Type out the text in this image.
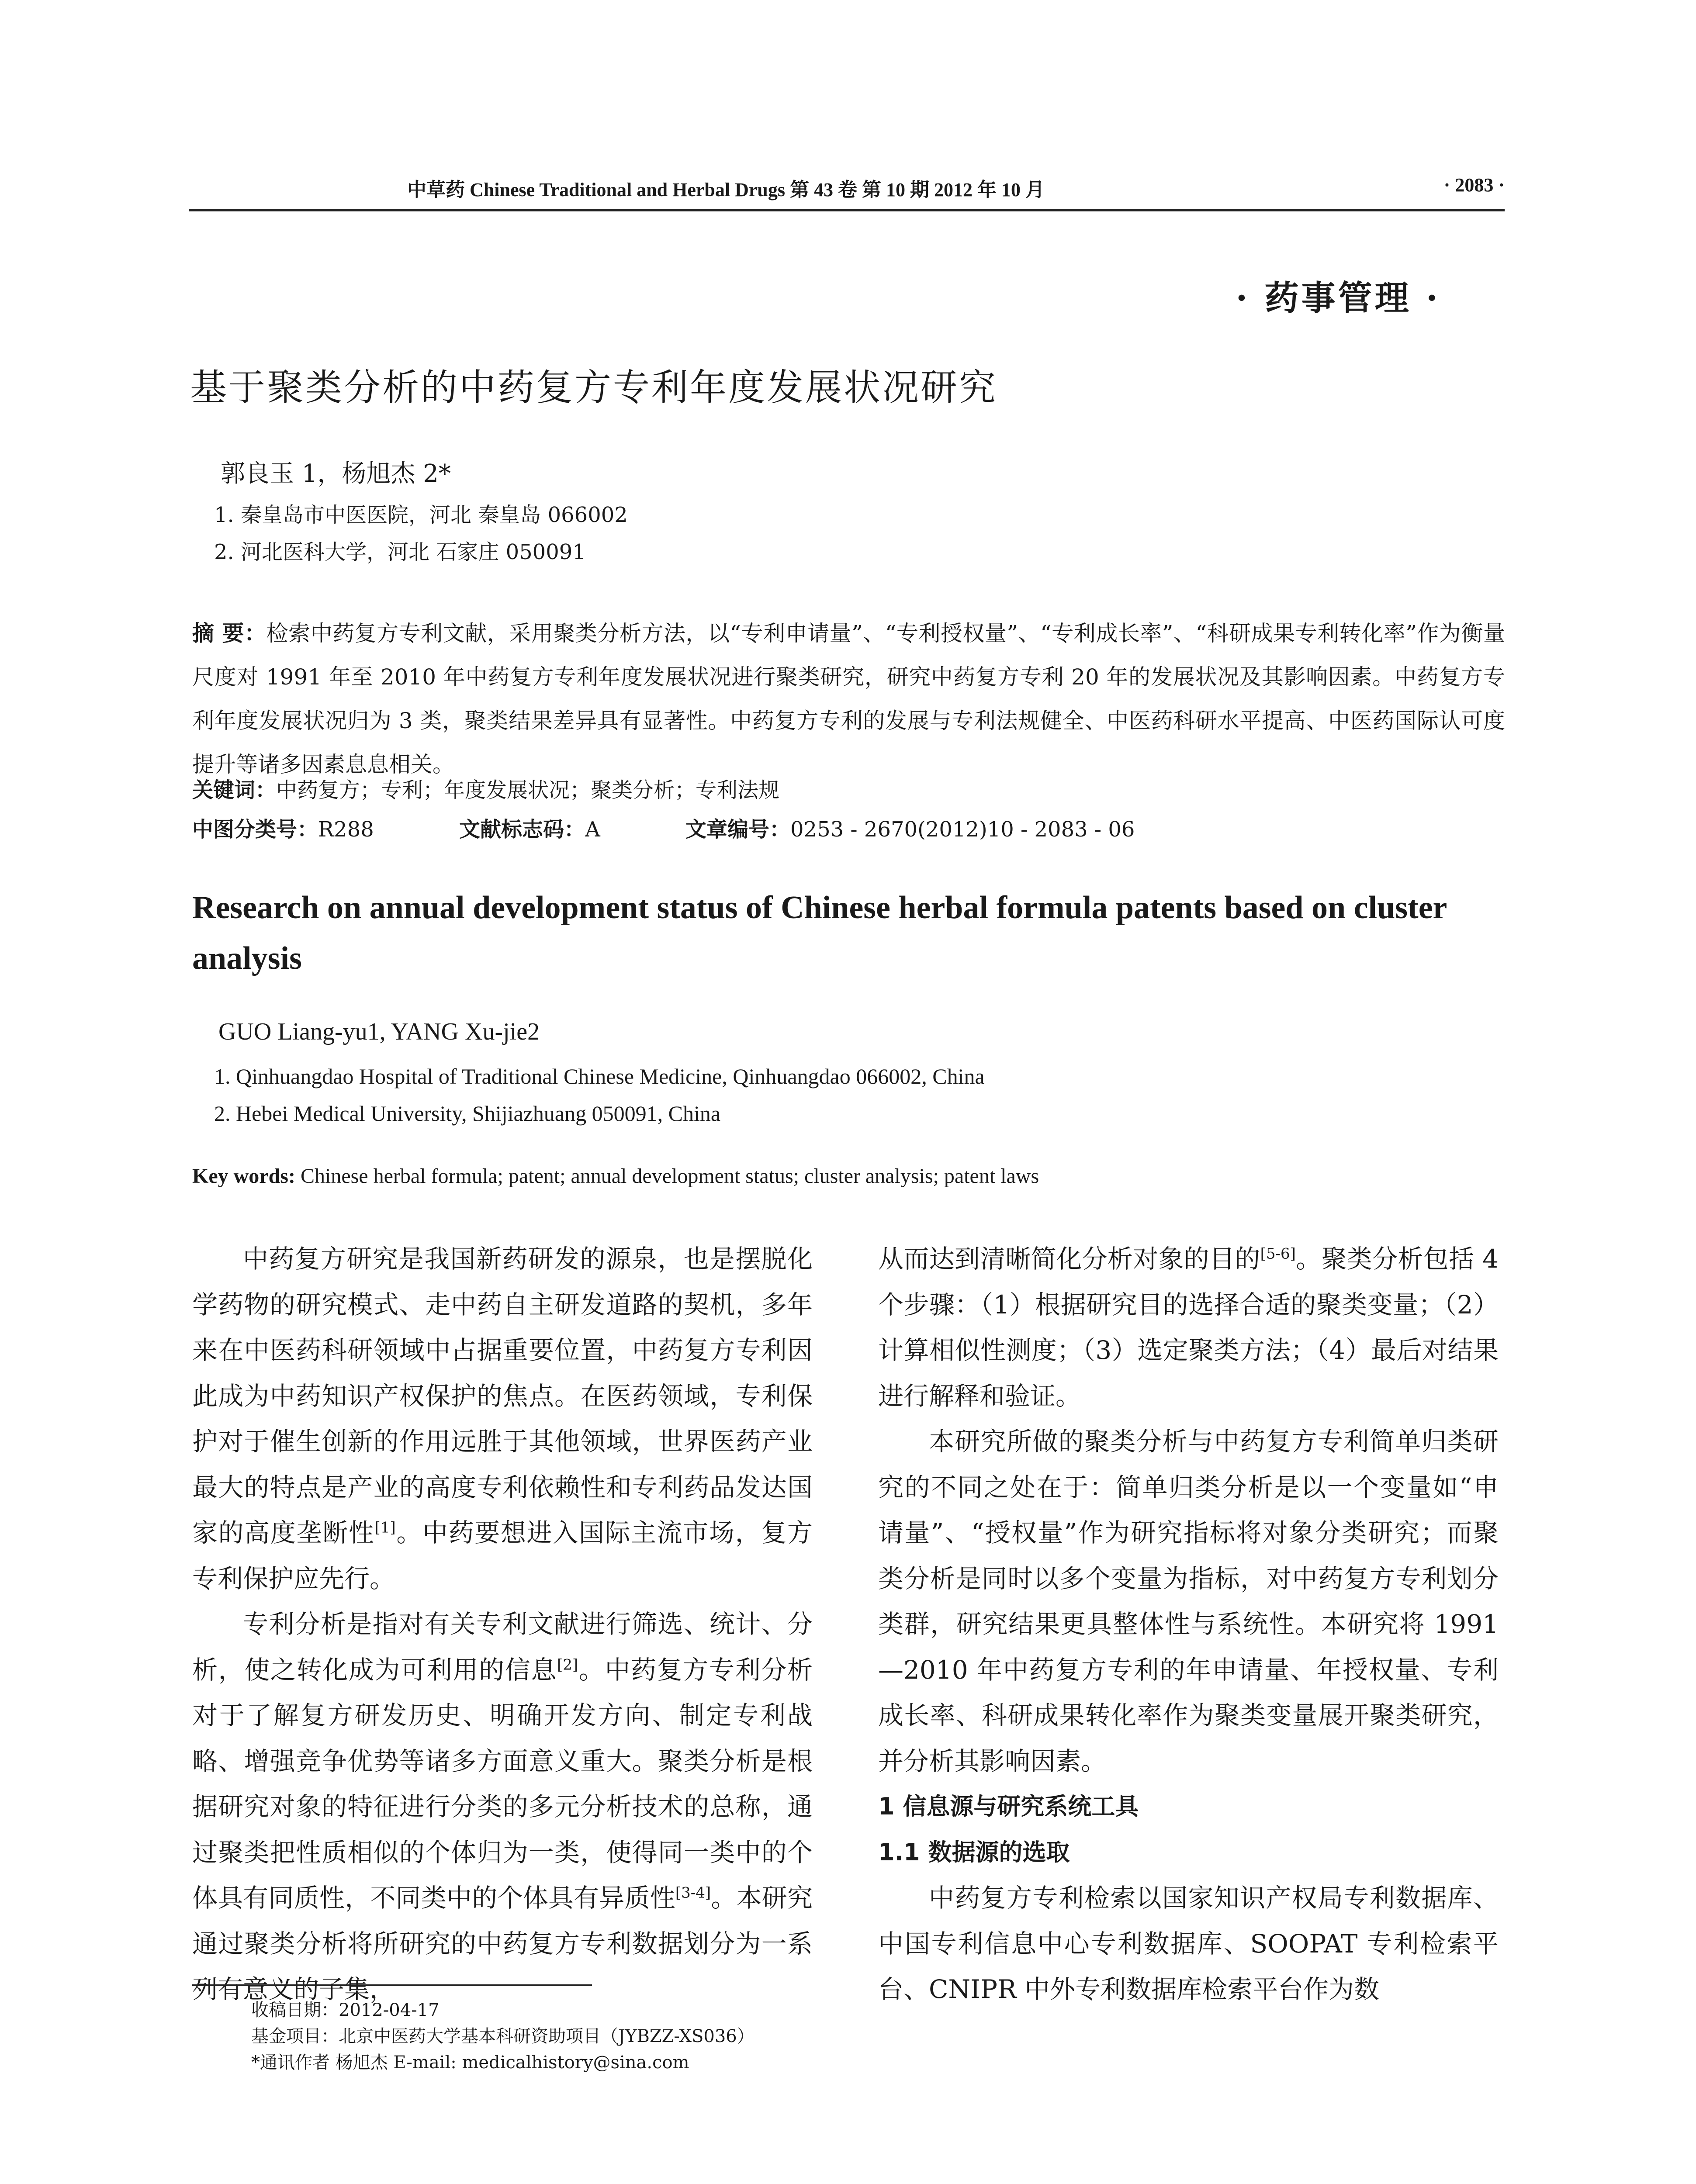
中草药 Chinese Traditional and Herbal Drugs 第 43 卷 第 10 期 2012 年 10 月	· 2083 ·
· 药事管理 ·
基于聚类分析的中药复方专利年度发展状况研究
郭良玉 1，杨旭杰 2*
1. 秦皇岛市中医医院，河北 秦皇岛 066002
2. 河北医科大学，河北 石家庄 050091
摘 要：检索中药复方专利文献，采用聚类分析方法，以“专利申请量”、“专利授权量”、“专利成长率”、“科研成果专利转化率”作为衡量尺度对 1991 年至 2010 年中药复方专利年度发展状况进行聚类研究，研究中药复方专利 20 年的发展状况及其影响因素。中药复方专利年度发展状况归为 3 类，聚类结果差异具有显著性。中药复方专利的发展与专利法规健全、中医药科研水平提高、中医药国际认可度提升等诸多因素息息相关。
关键词：中药复方；专利；年度发展状况；聚类分析；专利法规
中图分类号：R288	文献标志码：A	文章编号：0253 - 2670(2012)10 - 2083 - 06
Research on annual development status of Chinese herbal formula patents based on cluster analysis
GUO Liang-yu1, YANG Xu-jie2
1. Qinhuangdao Hospital of Traditional Chinese Medicine, Qinhuangdao 066002, China
2. Hebei Medical University, Shijiazhuang 050091, China
Key words: Chinese herbal formula; patent; annual development status; cluster analysis; patent laws

中药复方研究是我国新药研发的源泉，也是摆脱化学药物的研究模式、走中药自主研发道路的契机，多年来在中医药科研领域中占据重要位置，中药复方专利因此成为中药知识产权保护的焦点。在医药领域，专利保护对于催生创新的作用远胜于其他领域，世界医药产业最大的特点是产业的高度专利依赖性和专利药品发达国家的高度垄断性[1]。中药要想进入国际主流市场，复方专利保护应先行。

专利分析是指对有关专利文献进行筛选、统计、分析，使之转化成为可利用的信息[2]。中药复方专利分析对于了解复方研发历史、明确开发方向、制定专利战略、增强竞争优势等诸多方面意义重大。聚类分析是根据研究对象的特征进行分类的多元分析技术的总称，通过聚类把性质相似的个体归为一类，使得同一类中的个体具有同质性，不同类中的个体具有异质性[3-4]。本研究通过聚类分析将所研究的中药复方专利数据划分为一系列有意义的子集，

从而达到清晰简化分析对象的目的[5-6]。聚类分析包括 4 个步骤：（1）根据研究目的选择合适的聚类变量；（2）计算相似性测度；（3）选定聚类方法；（4）最后对结果进行解释和验证。

本研究所做的聚类分析与中药复方专利简单归类研究的不同之处在于：简单归类分析是以一个变量如“申请量”、“授权量”作为研究指标将对象分类研究；而聚类分析是同时以多个变量为指标，对中药复方专利划分类群，研究结果更具整体性与系统性。本研究将 1991—2010 年中药复方专利的年申请量、年授权量、专利成长率、科研成果转化率作为聚类变量展开聚类研究，并分析其影响因素。

1 信息源与研究系统工具
1.1 数据源的选取

中药复方专利检索以国家知识产权局专利数据库、中国专利信息中心专利数据库、SOOPAT 专利检索平台、CNIPR 中外专利数据库检索平台作为数

收稿日期：2012-04-17
基金项目：北京中医药大学基本科研资助项目（JYBZZ-XS036）
*通讯作者 杨旭杰 E-mail: medicalhistory@sina.com
